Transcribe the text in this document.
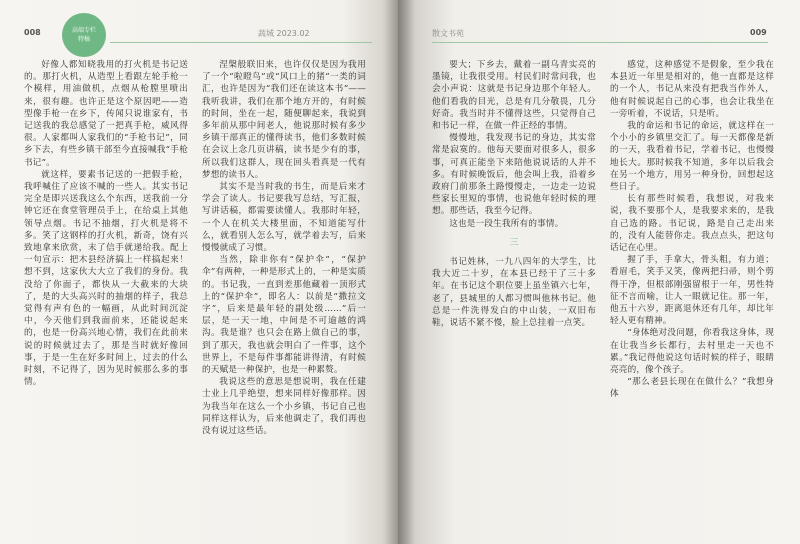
008	高端专栏
特稿
蔬城 2023.02

好像人都知晓我用的打火机是书记送的。那打火机，从造型上看跟左轮手枪一个模样，用油做机，点烟从枪膛里喷出来，很有趣。也许正是这个原因吧——造型像手枪一在乡下，传闻只说谁家有，书记送我的我总感觉了一把真手枪，威风得很。人家都叫人家我们的“手枪书记”，同乡下去，有些乡镇干部至今直接喊我“手枪书记”。

就这样，要素书记送的一把假手枪，我呼喊住了应该不喊的一些人。其实书记完全是即兴送我这么个东西，送我前一分钟它还在食堂管理员手上，在给桌上其他领导点烟。书记不抽烟，打火机是将不多。笑了这钢样的打火机，新奇，饶有兴致地拿来欣赏，末了信手就递给我。配上一句宣示：把木县经济搞上一样搞起来！想不到，这家伙大大立了我们的身份。我没给了你面子，都快从一大截来的大块了，是的大头高兴时的抽烟的样子，我总觉得有声有色的一幅画，从此时间沉淀中，今天他们到我面前来，还能说起来的，也是一份高兴地心情，我们在此前来说的时候就过去了，那是当时就好像回事，于是一生在好多时间上，过去的什么时刻，不记得了，因为见时候那么多的事情。

涅槃般联旧来，也许仅仅是因为我用了一个“啦瞪鸟”或“风口上的猪”一类的词汇，也许是因为“我们还在读这本书”——我听我讲，我们在那个地方开的，有时候的时间，坐在一起，随便聊起来，我说到多年前从那中间老人，他说那时候有多少乡镇干部真正的懂得读书，他们多数时候在会议上念几页讲稿，读书是少有的事，所以我们这群人，现在回头看真是一代有梦想的读书人。

其实不是当时我的书生，而是后来才学会了读人。书记要我写总结，写汇报，写讲话稿，都需要读懂人。我那时年轻，一个人在机关大楼里面，不知道能写什么，就看别人怎么写，就学着去写，后来慢慢就成了习惯。

当然，除非你有“保护伞”，“保护伞”有两种，一种是形式上的，一种是实质的。书记我，一直到差那他藏着一顶形式上的“保护伞”，即名人：以前是“撒拉文字”，后来是最年轻的副处级……”后一层，是一天一地，中间是不可逾越的鸿沟。我是谁？也只会在路上做自己的事，到了那天，我也就会明白了一件事，这个世界上，不是每件事都能讲得清，有时候的天赋是一种保护，也是一种累赘。

我说这些的意思是想说明，我在任建士业上几乎绝望，想来同样好像那样。因为我当年在这么一个小乡镇，书记自己也同样这样认为，后来他调走了，我们再也没有说过这些话。

散文书苑	009

要大；下乡去，戴着一副乌青实亮的墨镜，让我很受用。村民们时常问我，也会小声说：这就是书记身边那个年轻人。他们看我的目光，总是有几分敬畏，几分好奇。我当时并不懂得这些，只觉得自己和书记一样，在做一件正经的事情。

慢慢地，我发现书记的身边，其实常常是寂寞的。他每天要面对很多人，很多事，可真正能坐下来陪他说说话的人并不多。有时候晚饭后，他会叫上我，沿着乡政府门前那条土路慢慢走，一边走一边说些家长里短的事情，也说他年轻时候的理想。那些话，我至今记得。

这也是一段生我所有的事情。

三

书记姓林，一九八四年的大学生，比我大近二十岁，在本县已经干了三十多年。在书记这个职位要上虽坐镇六七年，老了，县城里的人都习惯叫他林书记。他总是一件洗得发白的中山装，一双旧布鞋，说话不紧不慢，脸上总挂着一点笑。

感觉，这种感觉不是假象，至少我在本县近一年里是相对的，他一直都是这样的一个人，书记从来没有把我当作外人，他有时候说起自己的心事，也会让我坐在一旁听着，不说话，只是听。

我的命运和书记的命运，就这样在一个小小的乡镇里交汇了。每一天都像是新的一天，我看着书记，学着书记，也慢慢地长大。那时候我不知道，多年以后我会在另一个地方，用另一种身份，回想起这些日子。

长有那些时候看，我想说，对我来说，我不要那个人，是我要求来的，是我自己选的路。书记说，路是自己走出来的，没有人能替你走。我点点头，把这句话记在心里。

握了手，手拿大，骨头粗，有力道；看眉毛，笑手又笑，像两把扫帚，则个剪得干净，但根部刚强留根于一年，男性特征不言而喻，让人一眼就记住。那一年，他五十六岁，距离退休还有几年，却比年轻人更有精神。

“身体绝对没问题，你看我这身体，现在让我当乡长都行，去村里走一天也不累。”我记得他说这句话时候的样子，眼睛亮亮的，像个孩子。

“那么老县长现在在做什么？”我想身体
